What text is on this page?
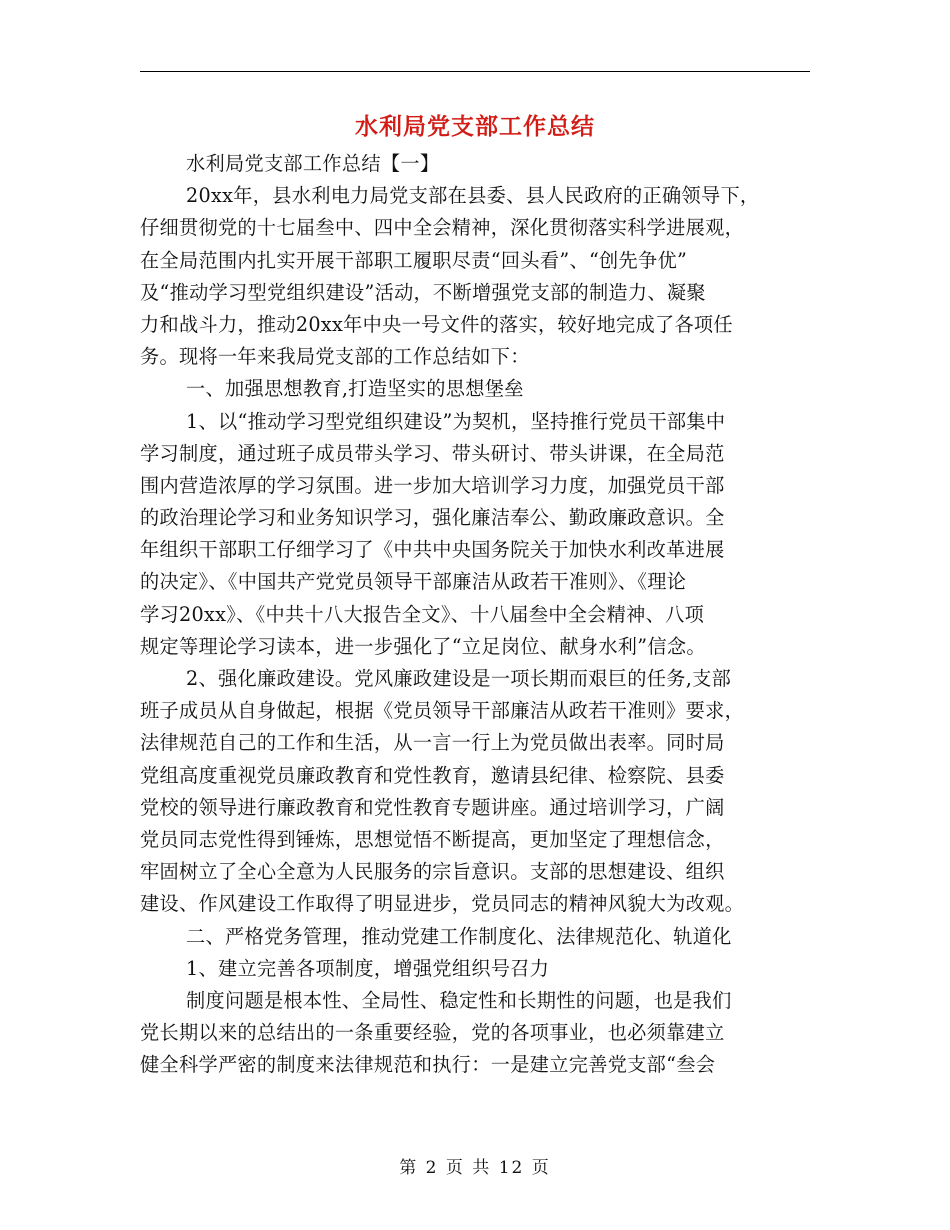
水利局党支部工作总结
水利局党支部工作总结【一】
20xx年，县水利电力局党支部在县委、县人民政府的正确领导下，
仔细贯彻党的十七届叁中、四中全会精神，深化贯彻落实科学进展观，
在全局范围内扎实开展干部职工履职尽责“回头看”、“创先争优”
及“推动学习型党组织建设”活动，不断增强党支部的制造力、凝聚
力和战斗力，推动20xx年中央一号文件的落实，较好地完成了各项任
务。现将一年来我局党支部的工作总结如下：
一、加强思想教育,打造坚实的思想堡垒
1、以“推动学习型党组织建设”为契机，坚持推行党员干部集中
学习制度，通过班子成员带头学习、带头研讨、带头讲课，在全局范
围内营造浓厚的学习氛围。进一步加大培训学习力度，加强党员干部
的政治理论学习和业务知识学习，强化廉洁奉公、勤政廉政意识。全
年组织干部职工仔细学习了《中共中央国务院关于加快水利改革进展
的决定》、《中国共产党党员领导干部廉洁从政若干准则》、《理论
学习20xx》、《中共十八大报告全文》、十八届叁中全会精神、八项
规定等理论学习读本，进一步强化了“立足岗位、献身水利”信念。
2、强化廉政建设。党风廉政建设是一项长期而艰巨的任务,支部
班子成员从自身做起，根据《党员领导干部廉洁从政若干准则》要求，
法律规范自己的工作和生活，从一言一行上为党员做出表率。同时局
党组高度重视党员廉政教育和党性教育，邀请县纪律、检察院、县委
党校的领导进行廉政教育和党性教育专题讲座。通过培训学习，广阔
党员同志党性得到锤炼，思想觉悟不断提高，更加坚定了理想信念，
牢固树立了全心全意为人民服务的宗旨意识。支部的思想建设、组织
建设、作风建设工作取得了明显进步，党员同志的精神风貌大为改观。
二、严格党务管理，推动党建工作制度化、法律规范化、轨道化
1、建立完善各项制度，增强党组织号召力
制度问题是根本性、全局性、稳定性和长期性的问题，也是我们
党长期以来的总结出的一条重要经验，党的各项事业，也必须靠建立
健全科学严密的制度来法律规范和执行：一是建立完善党支部“叁会
第 2 页 共 12 页
